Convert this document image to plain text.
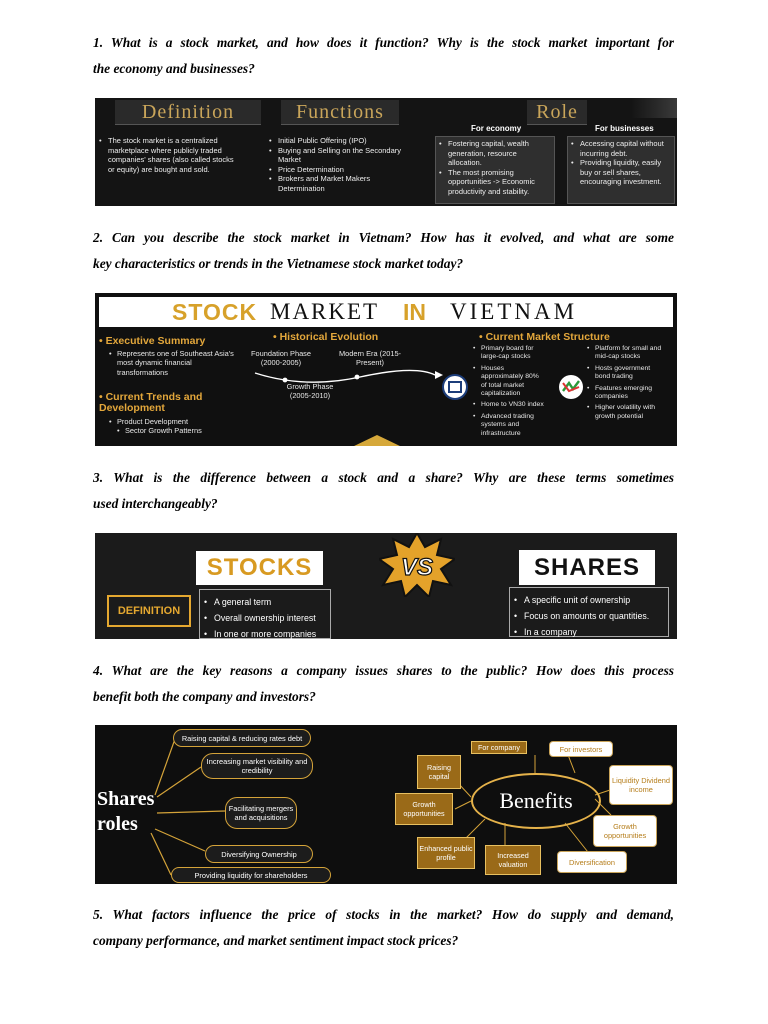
1. What is a stock market, and how does it function? Why is the stock market important for
the economy and businesses?

Definition	Functions	Role
• The stock market is a centralized marketplace where publicly traded companies' shares (also called stocks or equity) are bought and sold.
• Initial Public Offering (IPO)
• Buying and Selling on the Secondary Market
• Price Determination
• Brokers and Market Makers Determination
For economy
• Fostering capital, wealth generation, resource allocation.
• The most promising opportunities -> Economic productivity and stability.
For businesses
• Accessing capital without incurring debt.
• Providing liquidity, easily buy or sell shares, encouraging investment.

2. Can you describe the stock market in Vietnam? How has it evolved, and what are some
key characteristics or trends in the Vietnamese stock market today?

STOCK MARKET IN VIETNAM
• Executive Summary
• Represents one of Southeast Asia's most dynamic financial transformations
• Current Trends and Development
• Product Development
• Sector Growth Patterns
• Historical Evolution
Foundation Phase (2000-2005)
Modern Era (2015-Present)
Growth Phase (2005-2010)
• Current Market Structure
• Primary board for large-cap stocks
• Houses approximately 80% of total market capitalization
• Home to VN30 index
• Advanced trading systems and infrastructure
• Platform for small and mid-cap stocks
• Hosts government bond trading
• Features emerging companies
• Higher volatility with growth potential

3. What is the difference between a stock and a share? Why are these terms sometimes
used interchangeably?

STOCKS	VS	SHARES
DEFINITION
• A general term
• Overall ownership interest
• In one or more companies
• A specific unit of ownership
• Focus on amounts or quantities.
• In a company

4. What are the key reasons a company issues shares to the public? How does this process
benefit both the company and investors?

Shares roles
Raising capital & reducing rates debt
Increasing market visibility and credibility
Facilitating mergers and acquisitions
Diversifying Ownership
Providing liquidity for shareholders
Benefits
For company	For investors
Raising capital
Growth opportunities
Enhanced public profile	Increased valuation
Liquidity Dividend income
Growth opportunities
Diversification

5. What factors influence the price of stocks in the market? How do supply and demand,
company performance, and market sentiment impact stock prices?
